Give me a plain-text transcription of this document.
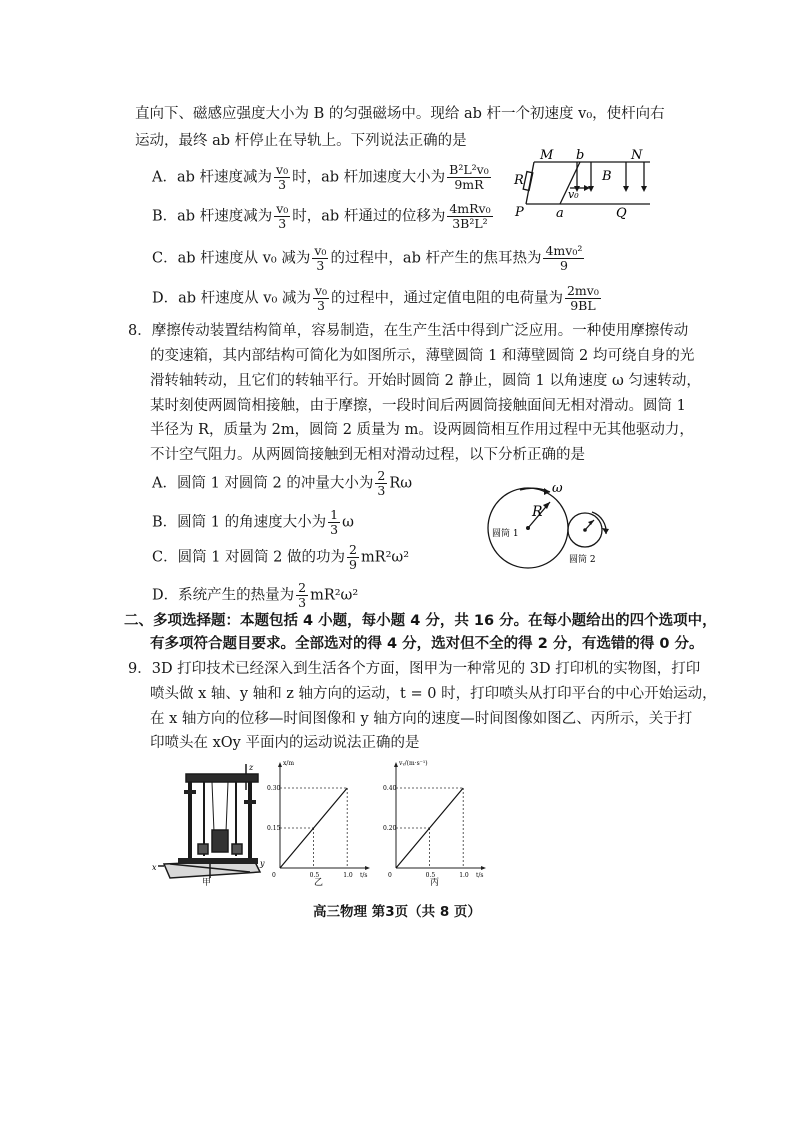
直向下、磁感应强度大小为 B 的匀强磁场中。现给 ab 杆一个初速度 v₀，使杆向右
运动，最终 ab 杆停止在导轨上。下列说法正确的是
A．ab 杆速度减为 $\frac{\text{v₀}}{3}$ 时，ab 杆加速度大小为 $\frac{\text{B²L²v₀}}{9mR}$
B．ab 杆速度减为 $\frac{\text{v₀}}{3}$ 时，ab 杆通过的位移为 $\frac{\text{4mRv₀}}{\text{3B²L²}}$
C．ab 杆速度从 v₀ 减为 $\frac{\text{v₀}}{3}$ 的过程中，ab 杆产生的焦耳热为 $\frac{\text{4mv₀²}}{9}$
D．ab 杆速度从 v₀ 减为 $\frac{\text{v₀}}{3}$ 的过程中，通过定值电阻的电荷量为 $\frac{\text{2mv₀}}{9BL}$
M b	N
R
v₀
B
P a	Q
8．摩擦传动装置结构简单，容易制造，在生产生活中得到广泛应用。一种使用摩擦传动
的变速箱，其内部结构可简化为如图所示，薄壁圆筒 1 和薄壁圆筒 2 均可绕自身的光
滑转轴转动，且它们的转轴平行。开始时圆筒 2 静止，圆筒 1 以角速度 ω 匀速转动，
某时刻使两圆筒相接触，由于摩擦，一段时间后两圆筒接触面间无相对滑动。圆筒 1
半径为 R，质量为 2m，圆筒 2 质量为 m。设两圆筒相互作用过程中无其他驱动力，
不计空气阻力。从两圆筒接触到无相对滑动过程，以下分析正确的是
A．圆筒 1 对圆筒 2 的冲量大小为 $\frac{2}{3}$ Rω
B．圆筒 1 的角速度大小为 $\frac{1}{3}$ ω
C．圆筒 1 对圆筒 2 做的功为 $\frac{2}{9} mR^2\omega^2$
D．系统产生的热量为 $\frac{2}{3} mR^2\omega^2$
R
ω
圆筒 1
圆筒 2
二、多项选择题：本题包括 4 小题，每小题 4 分，共 16 分。在每小题给出的四个选项中，
有多项符合题目要求。全部选对的得 4 分，选对但不全的得 2 分，有选错的得 0 分。
9．3D 打印技术已经深入到生活各个方面，图甲为一种常见的 3D 打印机的实物图，打印
喷头做 x 轴、y 轴和 z 轴方向的运动，t = 0 时，打印喷头从打印平台的中心开始运动，
在 x 轴方向的位移—时间图像和 y 轴方向的速度—时间图像如图乙、丙所示，关于打
印喷头在 xOy 平面内的运动说法正确的是
z
x	y
甲
0.5
0.15
1.0
0.30
x/m
t/s
0
乙
0.5
0.20
1.0
0.40
vᵧ/(m·s⁻¹)
t/s
0
丙
高三物理 第3页（共 8 页）
